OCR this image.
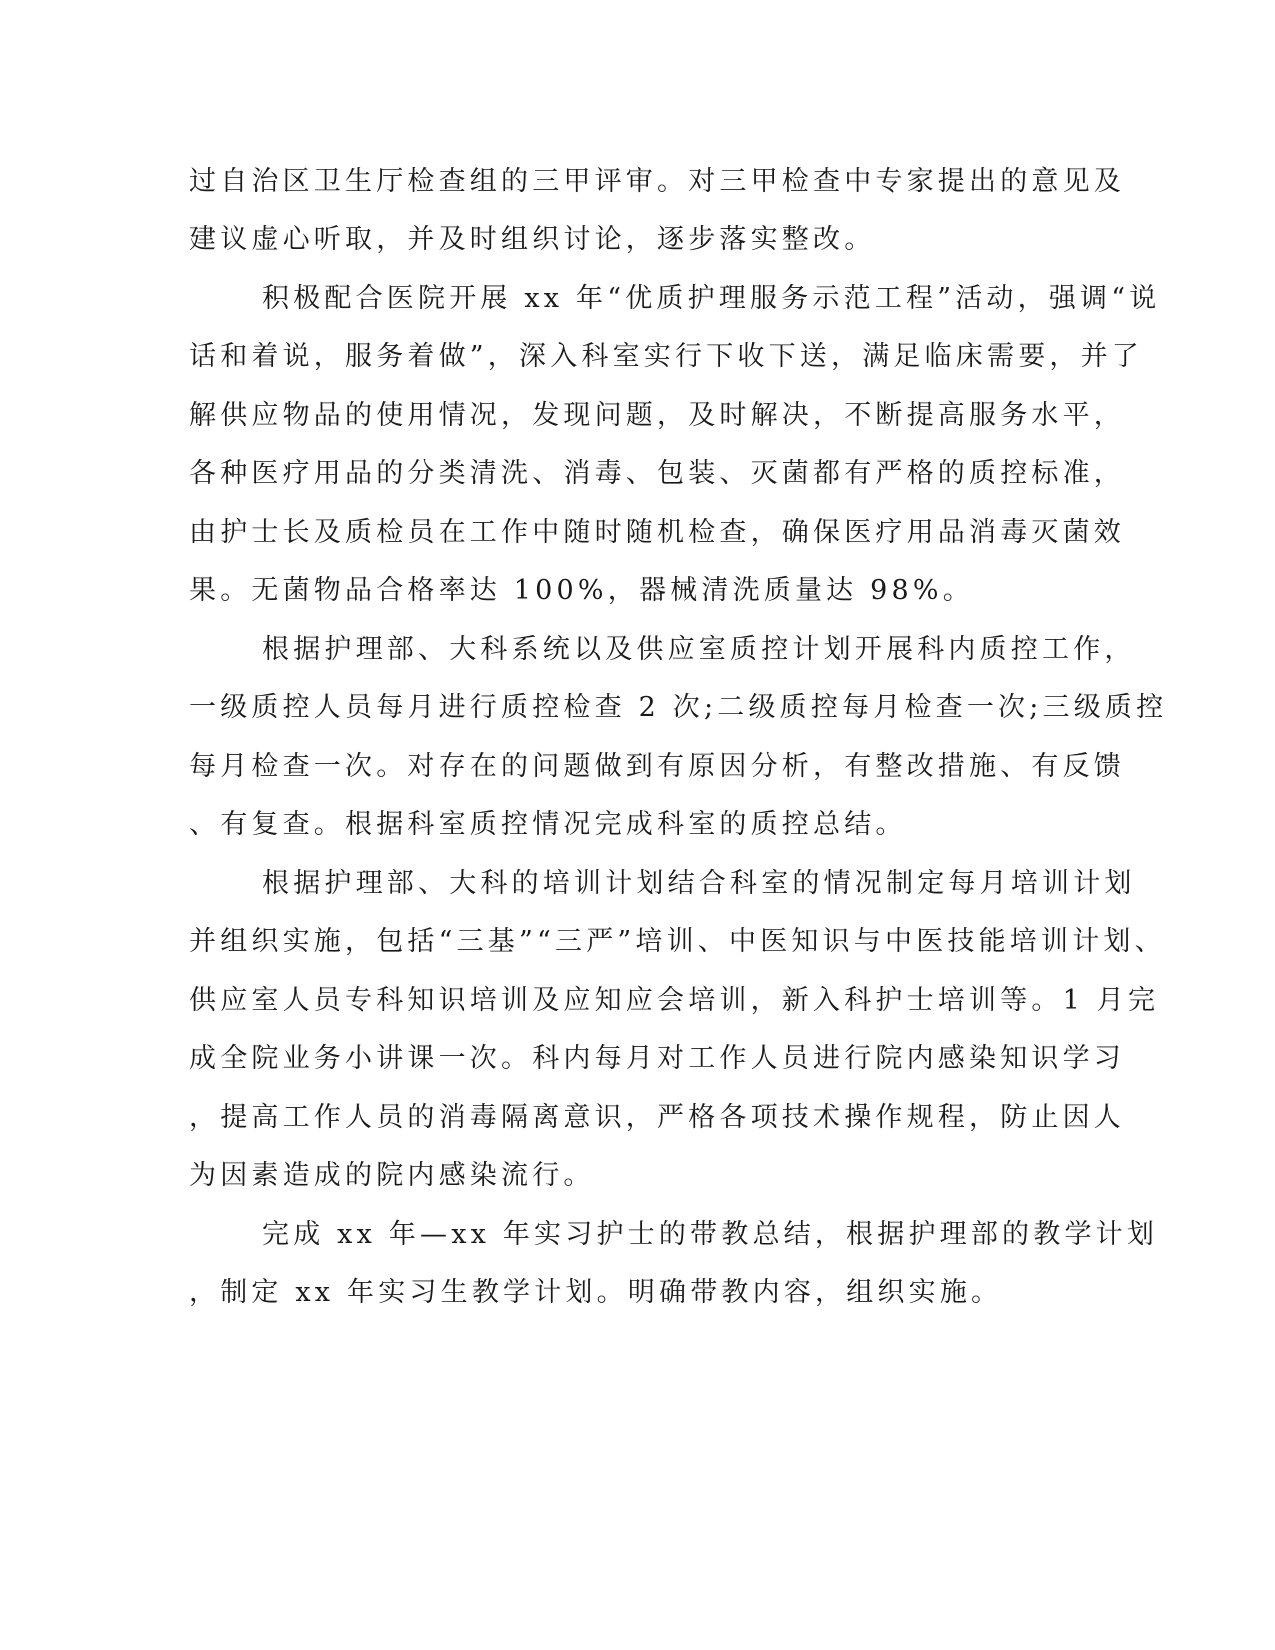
过自治区卫生厅检查组的三甲评审。对三甲检查中专家提出的意见及

建议虚心听取，并及时组织讨论，逐步落实整改。

积极配合医院开展 xx 年“优质护理服务示范工程”活动，强调“说

话和着说，服务着做”，深入科室实行下收下送，满足临床需要，并了

解供应物品的使用情况，发现问题，及时解决，不断提高服务水平，

各种医疗用品的分类清洗、消毒、包装、灭菌都有严格的质控标准，

由护士长及质检员在工作中随时随机检查，确保医疗用品消毒灭菌效

果。无菌物品合格率达 100%，器械清洗质量达 98%。

根据护理部、大科系统以及供应室质控计划开展科内质控工作，

一级质控人员每月进行质控检查 2 次;二级质控每月检查一次;三级质控

每月检查一次。对存在的问题做到有原因分析，有整改措施、有反馈

、有复查。根据科室质控情况完成科室的质控总结。

根据护理部、大科的培训计划结合科室的情况制定每月培训计划

并组织实施，包括“三基”“三严”培训、中医知识与中医技能培训计划、

供应室人员专科知识培训及应知应会培训，新入科护士培训等。1 月完

成全院业务小讲课一次。科内每月对工作人员进行院内感染知识学习

，提高工作人员的消毒隔离意识，严格各项技术操作规程，防止因人

为因素造成的院内感染流行。

完成 xx 年—xx 年实习护士的带教总结，根据护理部的教学计划

，制定 xx 年实习生教学计划。明确带教内容，组织实施。
